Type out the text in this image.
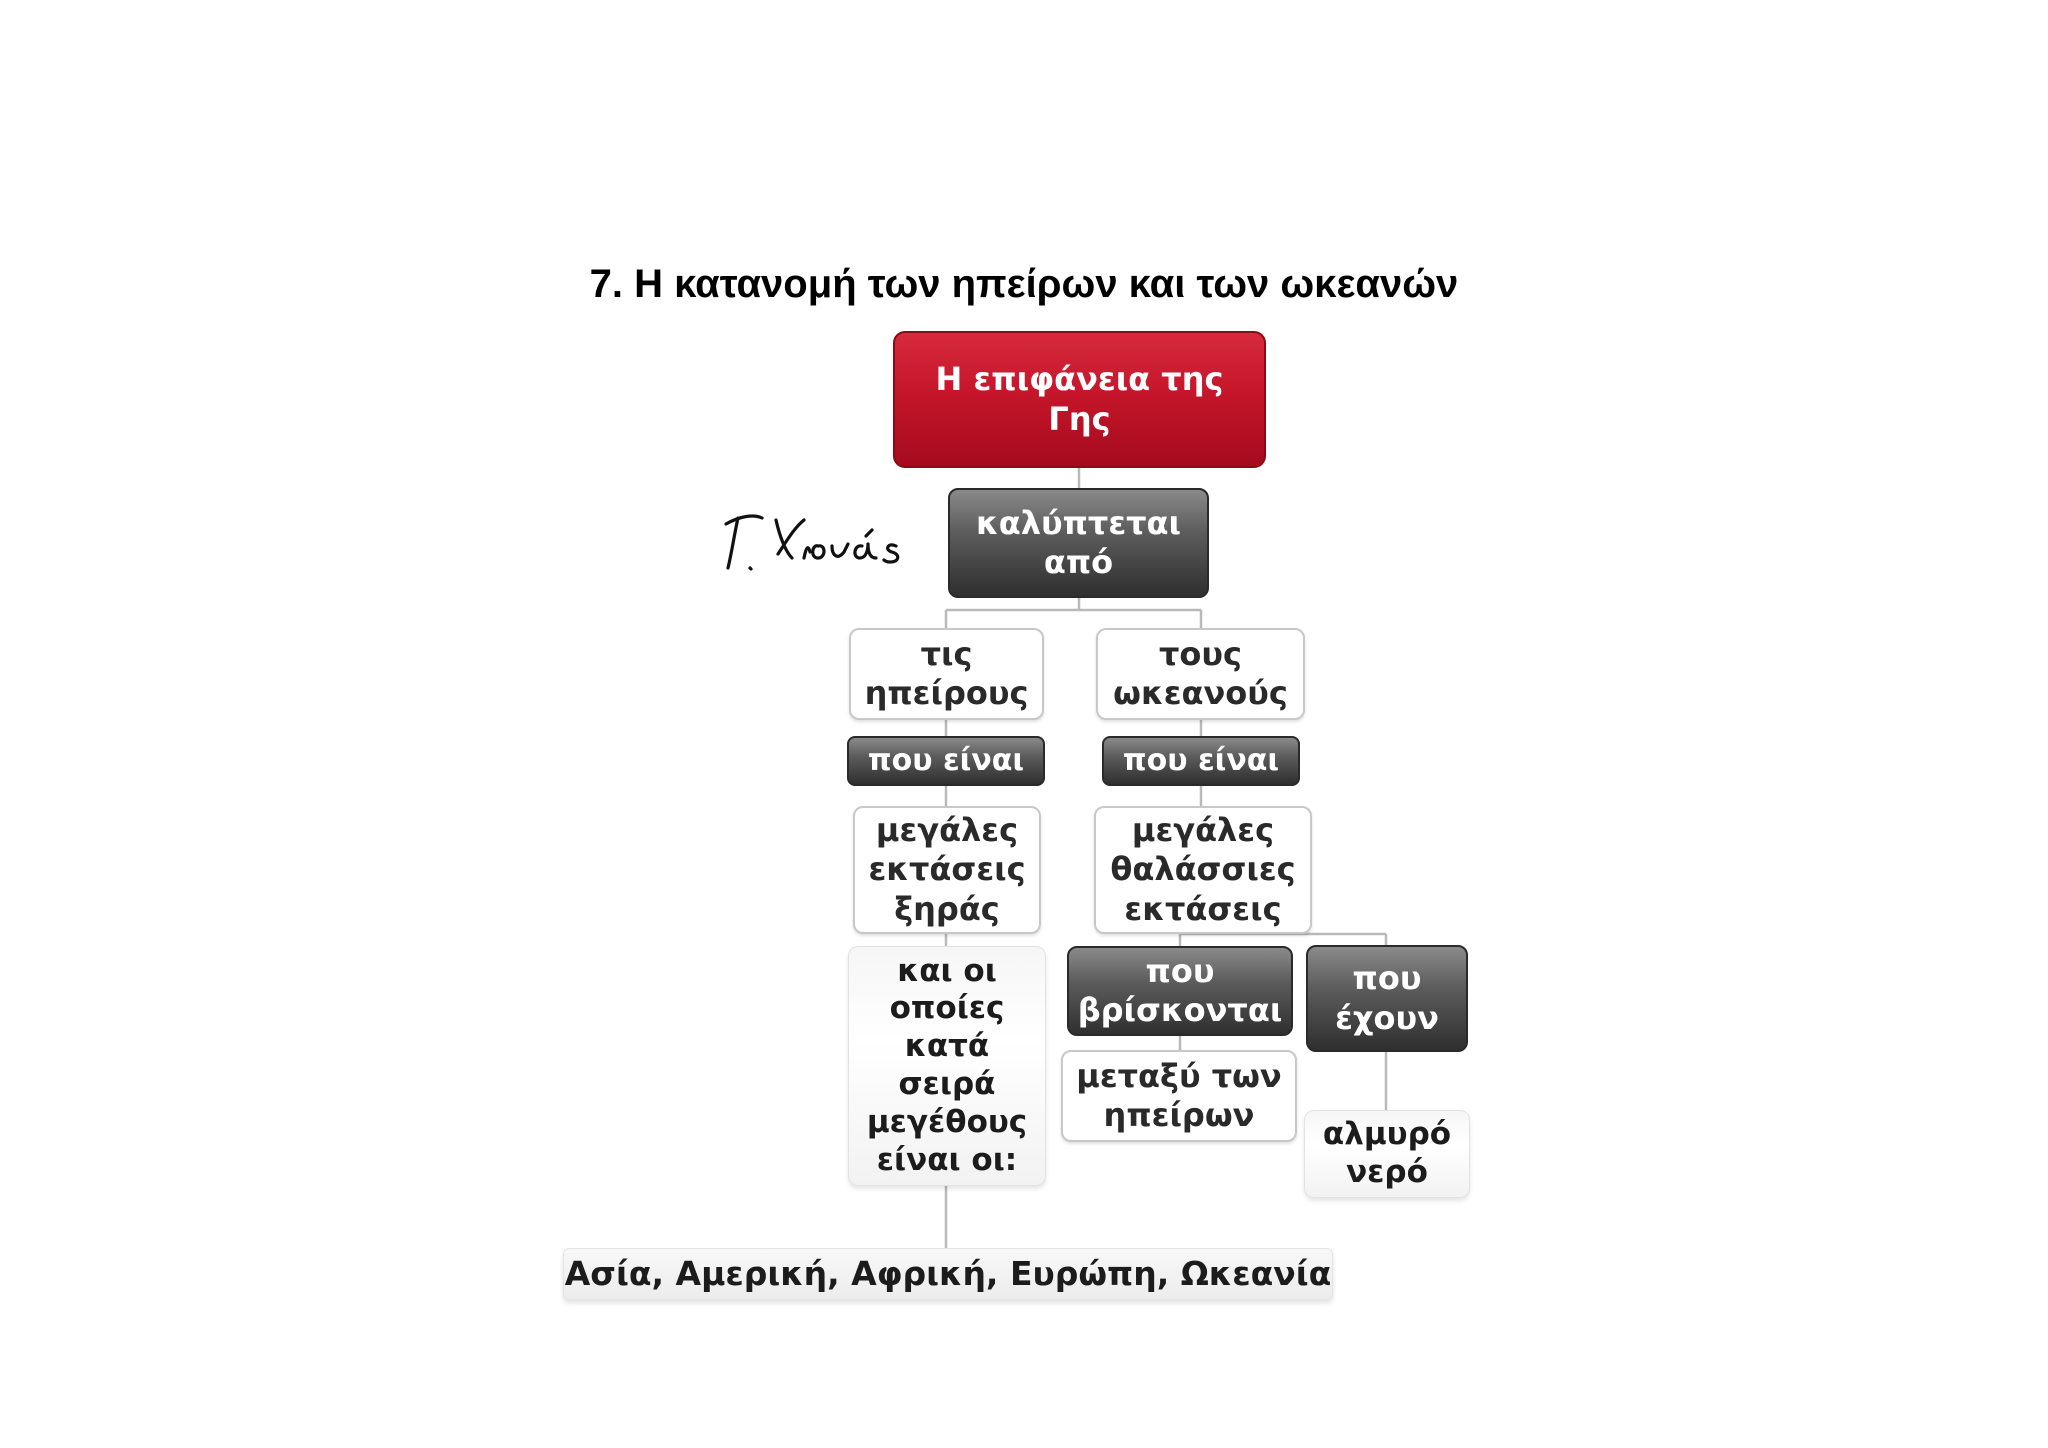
7. Η κατανομή των ηπείρων και των ωκεανών
Η επιφάνεια της
Γης
καλύπτεται
από
τις
ηπείρους
τους
ωκεανούς
που είναι	που είναι
μεγάλες
εκτάσεις
ξηράς
μεγάλες
θαλάσσιες
εκτάσεις
και οι
οποίες
κατά
σειρά
μεγέθους
είναι οι:
που
βρίσκονται
που
έχουν
μεταξύ των
ηπείρων
αλμυρό
νερό
Ασία, Αμερική, Αφρική, Ευρώπη, Ωκεανία
